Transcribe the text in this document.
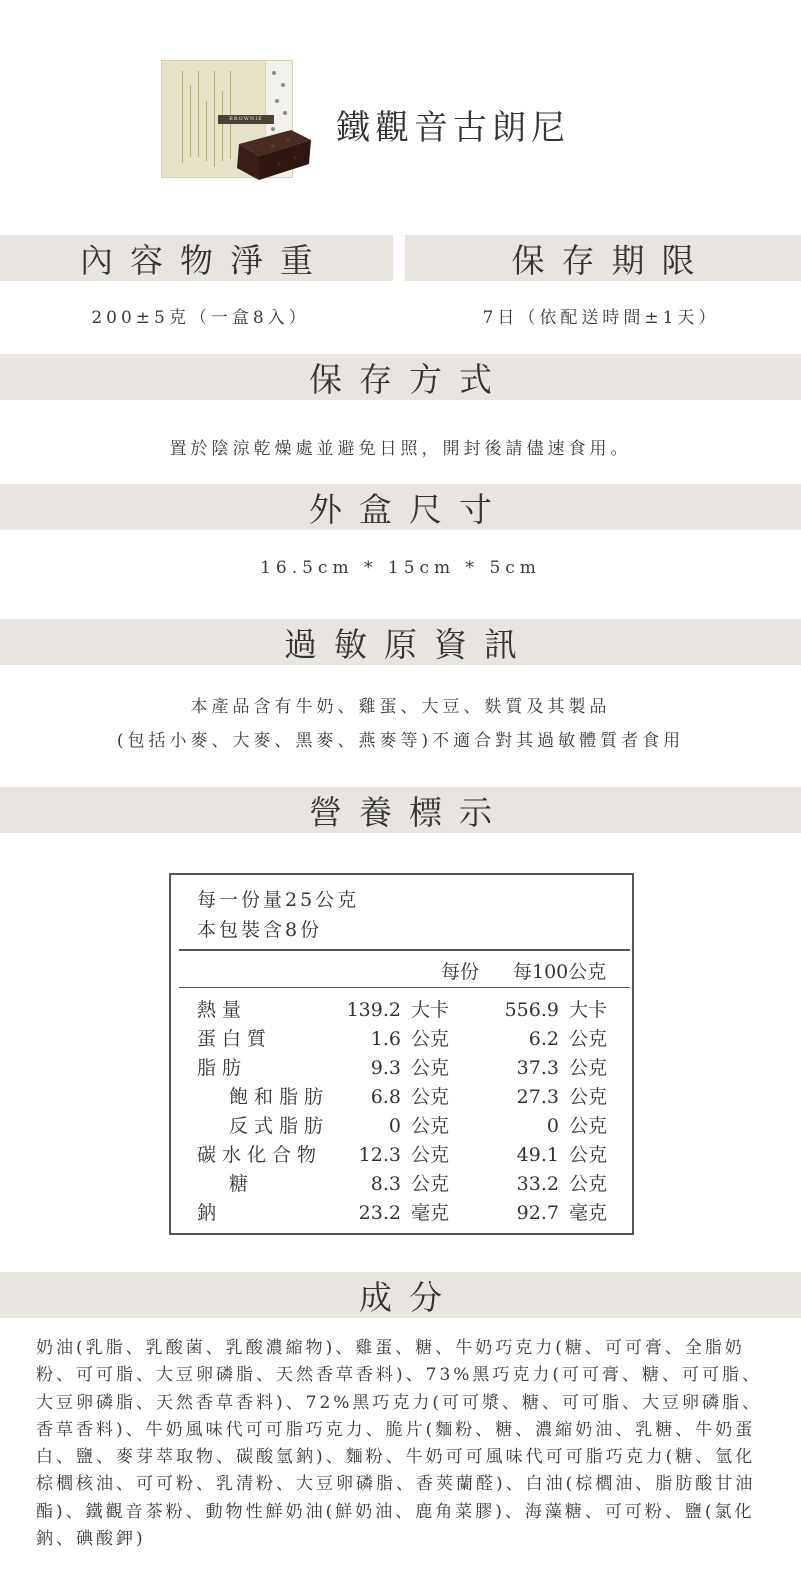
BROWNIE	鐵觀音古朗尼
內容物淨重	保存期限
200±5克（一盒8入）	7日（依配送時間±1天）
保存方式
置於陰涼乾燥處並避免日照，開封後請儘速食用。
外盒尺寸
16.5cm * 15cm * 5cm
過敏原資訊
本產品含有牛奶、雞蛋、大豆、麩質及其製品
(包括小麥、大麥、黑麥、燕麥等)不適合對其過敏體質者食用
營養標示
每一份量25公克
本包裝含8份
每份 每100公克
熱量	139.2 大卡	556.9 大卡
蛋白質	1.6 公克	6.2 公克
脂肪	9.3 公克	37.3 公克
飽和脂肪 6.8 公克	27.3 公克
反式脂肪	0 公克	0 公克
碳水化合物 12.3 公克	49.1 公克
糖	8.3 公克	33.2 公克
鈉	23.2 毫克	92.7 毫克
成分
奶油(乳脂、乳酸菌、乳酸濃縮物)、雞蛋、糖、牛奶巧克力(糖、可可膏、全脂奶粉、可可脂、大豆卵磷脂、天然香草香料)、73%黑巧克力(可可膏、糖、可可脂、大豆卵磷脂、天然香草香料)、72%黑巧克力(可可漿、糖、可可脂、大豆卵磷脂、香草香料)、牛奶風味代可可脂巧克力、脆片(麵粉、糖、濃縮奶油、乳糖、牛奶蛋白、鹽、麥芽萃取物、碳酸氫鈉)、麵粉、牛奶可可風味代可可脂巧克力(糖、氫化棕櫚核油、可可粉、乳清粉、大豆卵磷脂、香莢蘭醛)、白油(棕櫚油、脂肪酸甘油酯)、鐵觀音茶粉、動物性鮮奶油(鮮奶油、鹿角菜膠)、海藻糖、可可粉、鹽(氯化鈉、碘酸鉀)
